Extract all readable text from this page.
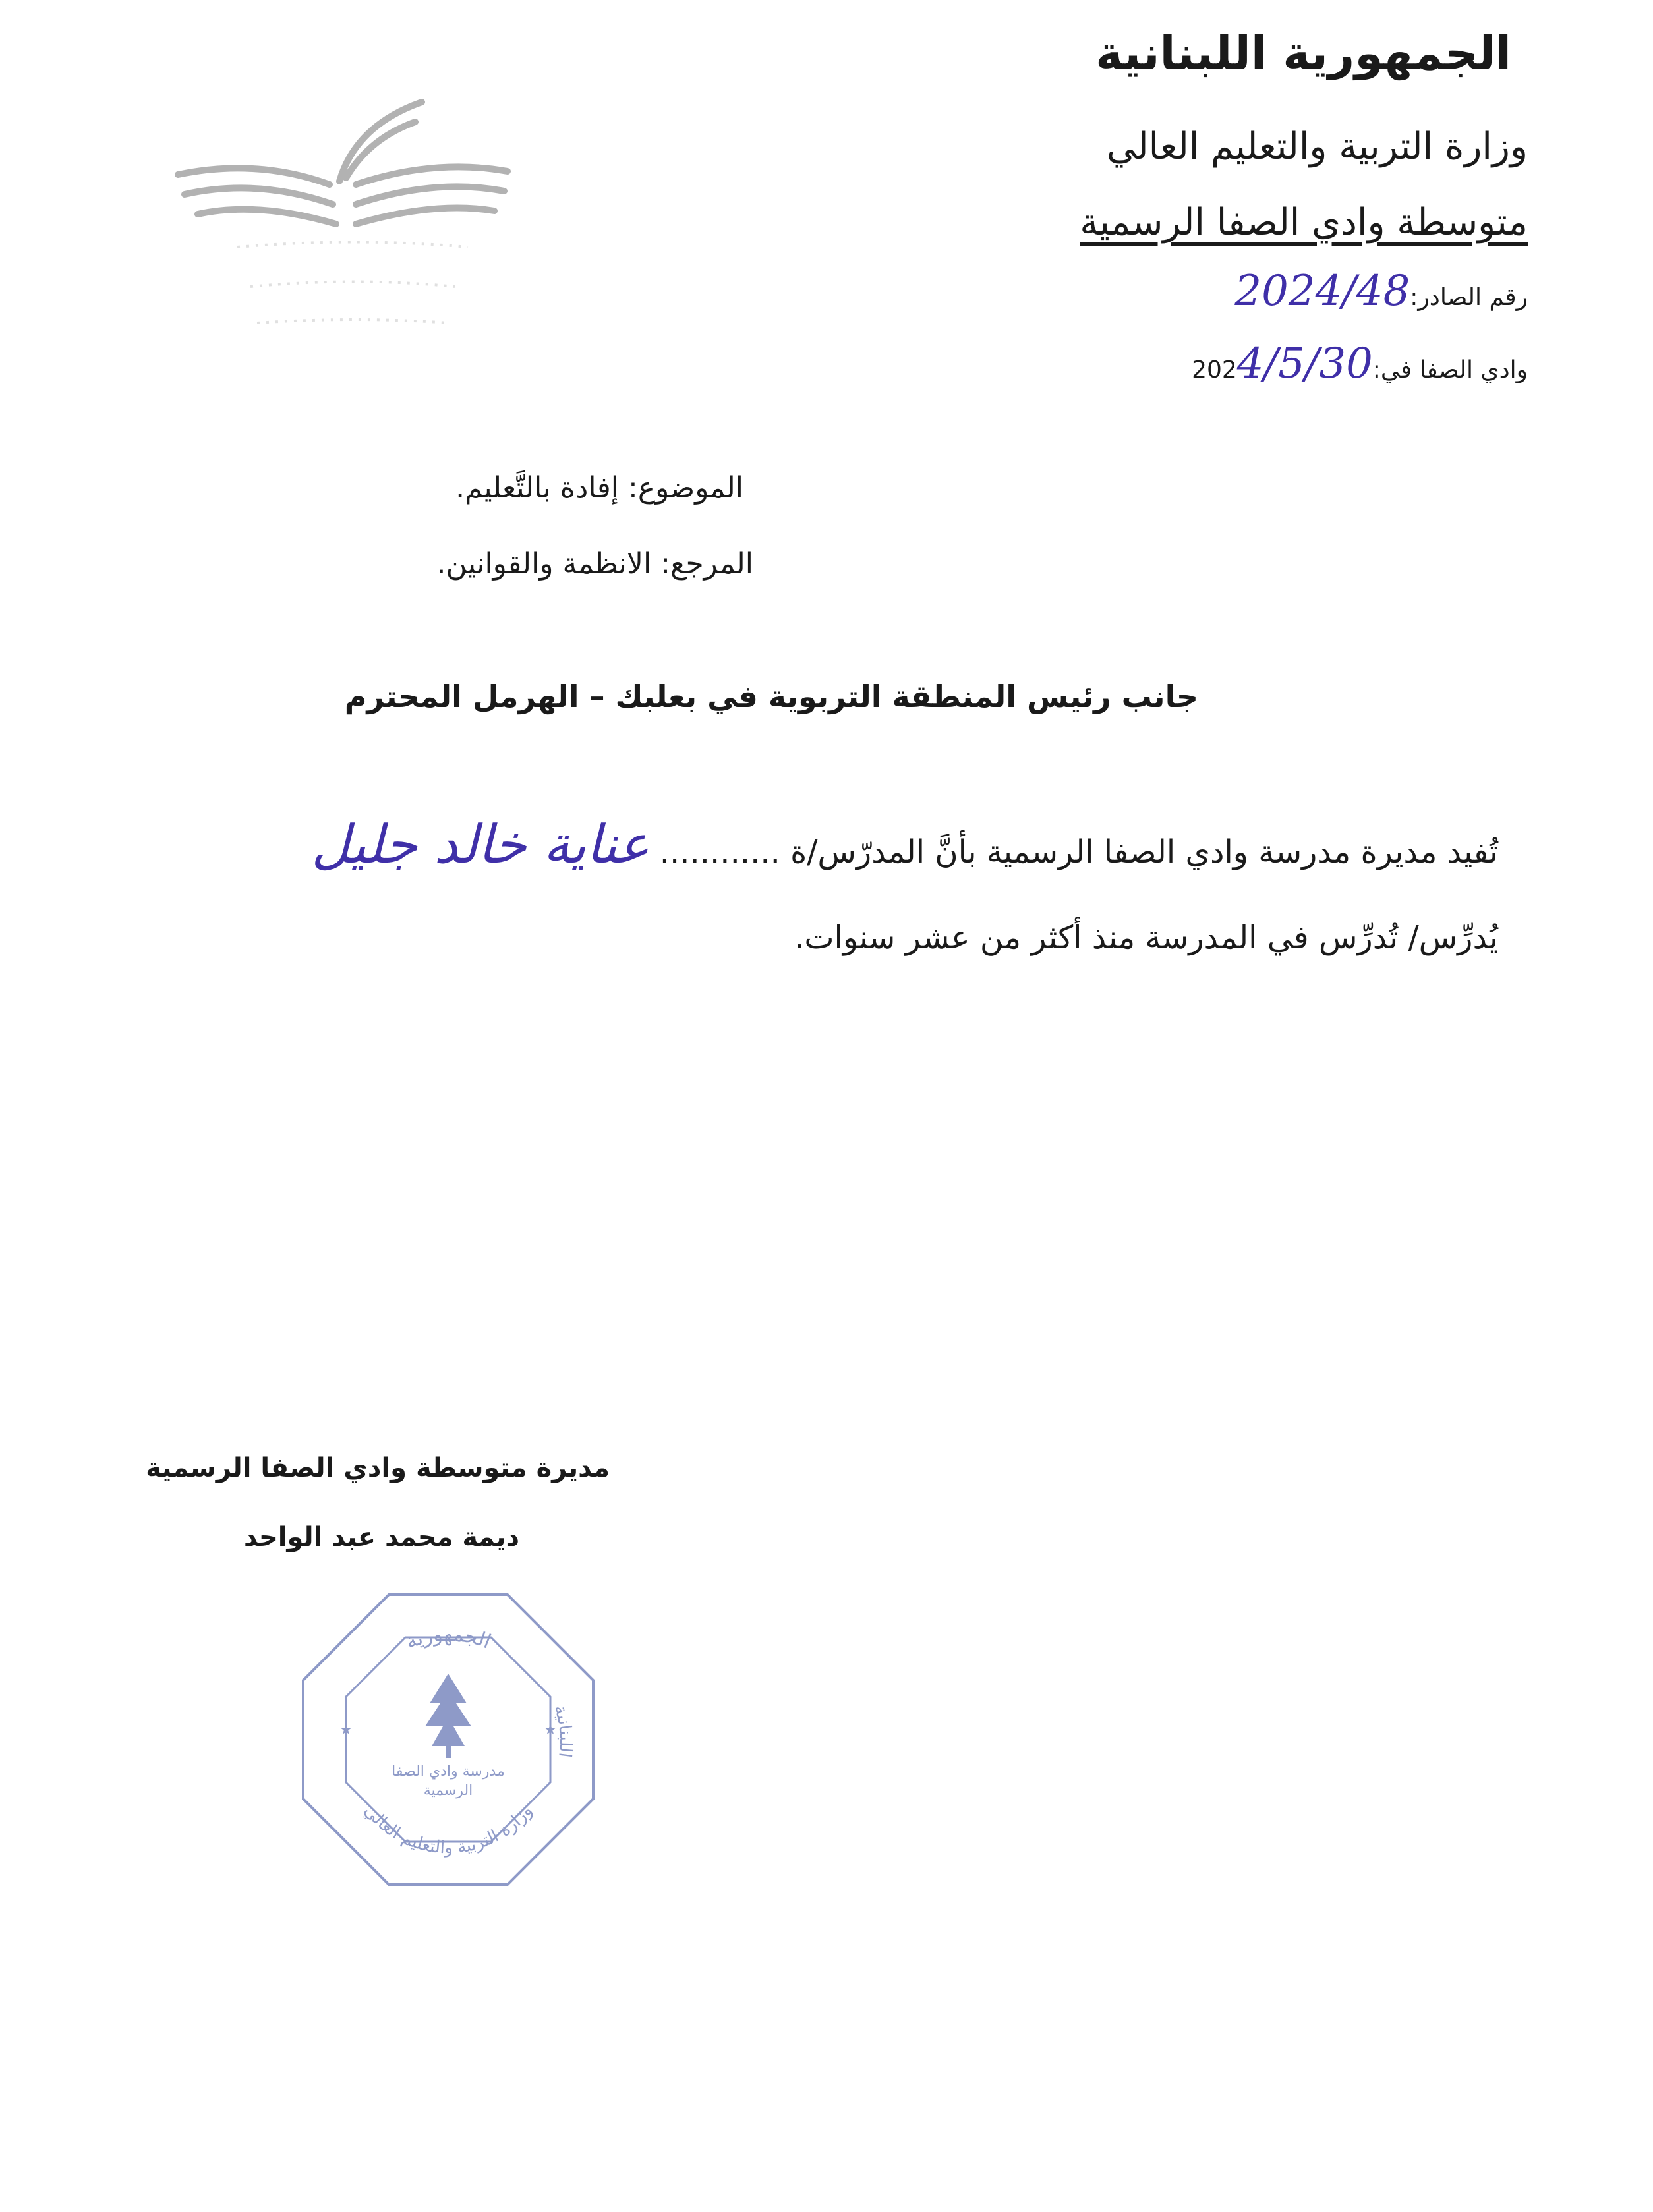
الجمهورية اللبنانية
وزارة التربية والتعليم العالي
متوسطة وادي الصفا الرسمية
رقم الصادر:2024/48
وادي الصفا في:4/5/30202
الموضوع: إفادة بالتَّعليم.
المرجع: الانظمة والقوانين.
جانب رئيس المنطقة التربوية في بعلبك – الهرمل المحترم
تُفيد مديرة مدرسة وادي الصفا الرسمية بأنَّ المدرّس/ة ............ عناية خالد جليل
يُدرِّس/ تُدرِّس في المدرسة منذ أكثر من عشر سنوات.
مديرة متوسطة وادي الصفا الرسمية
ديمة محمد عبد الواحد
الجمهورية
وزارة التربية والتعليم العالي
اللبنانية
★	★
مدرسة وادي الصفا الرسمية
